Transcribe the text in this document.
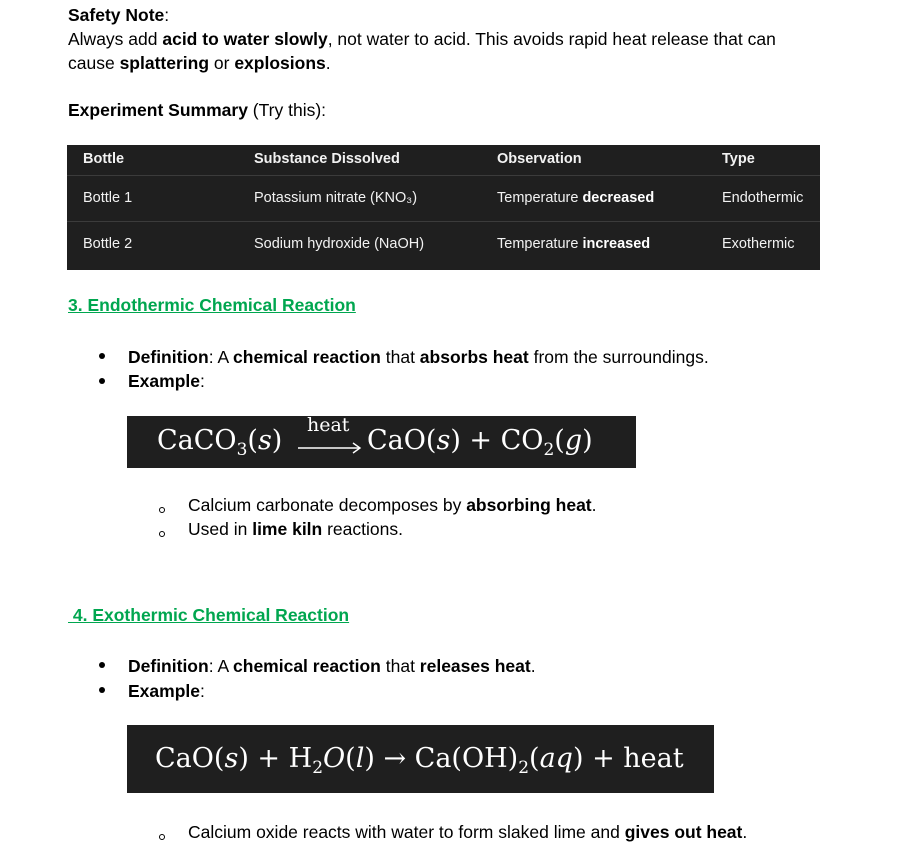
Safety Note:
Always add acid to water slowly, not water to acid. This avoids rapid heat release that can
cause splattering or explosions.
Experiment Summary (Try this):
Bottle	Substance Dissolved	Observation	Type
Bottle 1	Potassium nitrate (KNO₃)	Temperature decreased	Endothermic
Bottle 2	Sodium hydroxide (NaOH)	Temperature increased	Exothermic
3. Endothermic Chemical Reaction
Definition: A chemical reaction that absorbs heat from the surroundings.
Example:
CaCO$_3$(s) heat $CaO(s) + CO_2(g)$
Calcium carbonate decomposes by absorbing heat.
Used in lime kiln reactions.
4. Exothermic Chemical Reaction
Definition: A chemical reaction that releases heat.
Example:
$CaO(s) + H_2O(l) \to Ca(OH)_2(aq)$ + heat
Calcium oxide reacts with water to form slaked lime and gives out heat.
